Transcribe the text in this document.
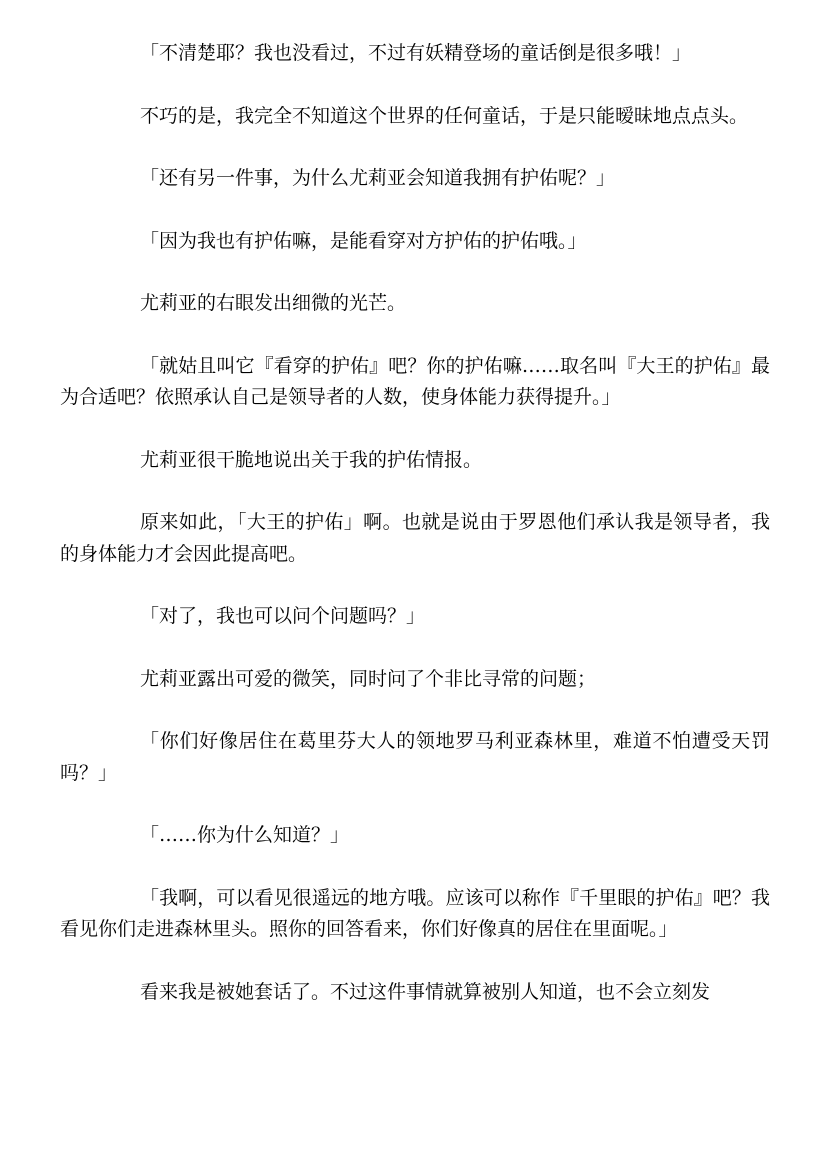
「不清楚耶？我也没看过，不过有妖精登场的童话倒是很多哦！」

不巧的是，我完全不知道这个世界的任何童话，于是只能暧昧地点点头。

「还有另一件事，为什么尤莉亚会知道我拥有护佑呢？」

「因为我也有护佑嘛，是能看穿对方护佑的护佑哦。」

尤莉亚的右眼发出细微的光芒。

「就姑且叫它『看穿的护佑』吧？你的护佑嘛……取名叫『大王的护佑』最为合适吧？依照承认自己是领导者的人数，使身体能力获得提升。」

尤莉亚很干脆地说出关于我的护佑情报。

原来如此，「大王的护佑」啊。也就是说由于罗恩他们承认我是领导者，我的身体能力才会因此提高吧。

「对了，我也可以问个问题吗？」

尤莉亚露出可爱的微笑，同时问了个非比寻常的问题；

「你们好像居住在葛里芬大人的领地罗马利亚森林里，难道不怕遭受天罚吗？」

「……你为什么知道？」

「我啊，可以看见很遥远的地方哦。应该可以称作『千里眼的护佑』吧？我看见你们走进森林里头。照你的回答看来，你们好像真的居住在里面呢。」

看来我是被她套话了。不过这件事情就算被别人知道，也不会立刻发
